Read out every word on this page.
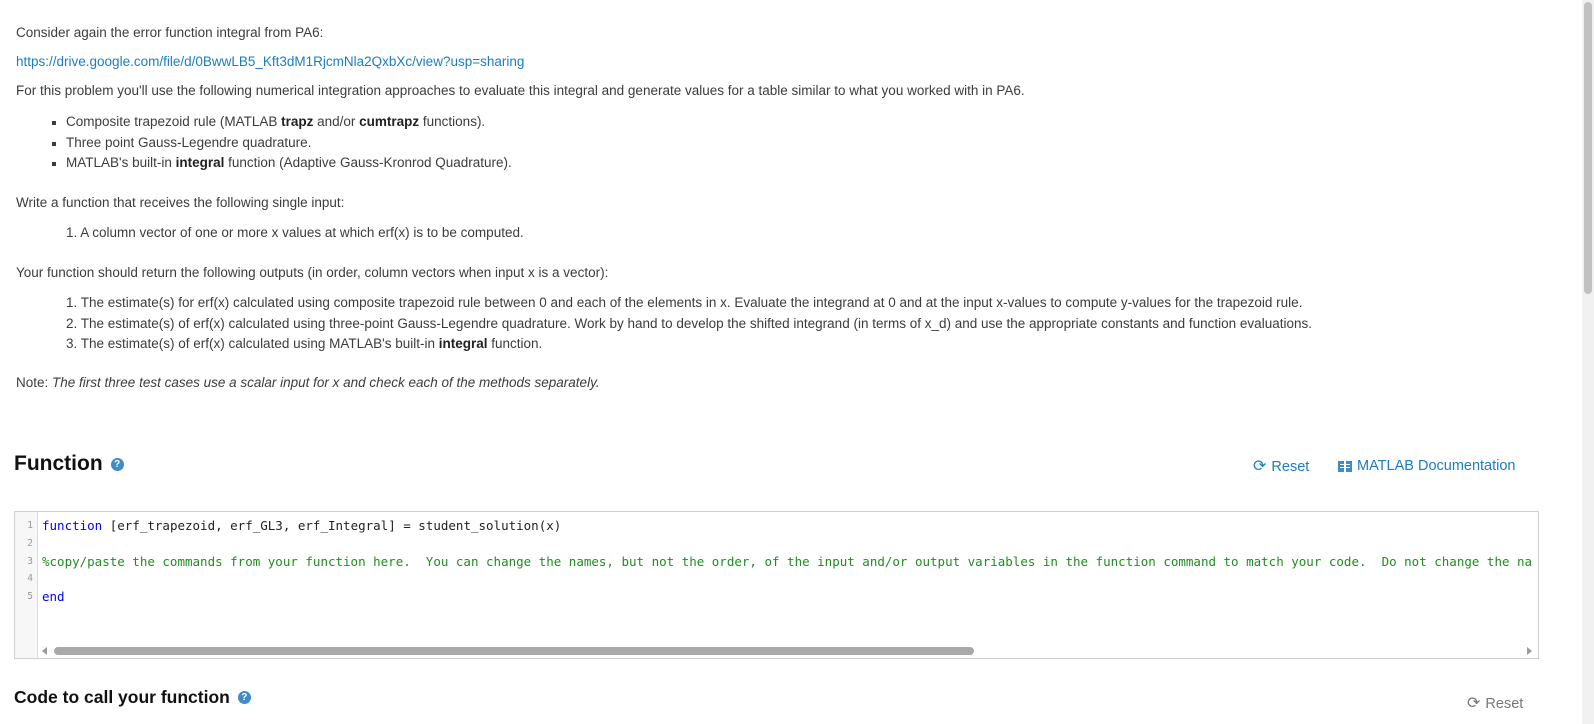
Consider again the error function integral from PA6:

https://drive.google.com/file/d/0BwwLB5_Kft3dM1RjcmNla2QxbXc/view?usp=sharing

For this problem you'll use the following numerical integration approaches to evaluate this integral and generate values for a table similar to what you worked with in PA6.

Composite trapezoid rule (MATLAB trapz and/or cumtrapz functions).
Three point Gauss-Legendre quadrature.
MATLAB's built-in integral function (Adaptive Gauss-Kronrod Quadrature).

Write a function that receives the following single input:

1. A column vector of one or more x values at which erf(x) is to be computed.

Your function should return the following outputs (in order, column vectors when input x is a vector):

1. The estimate(s) for erf(x) calculated using composite trapezoid rule between 0 and each of the elements in x. Evaluate the integrand at 0 and at the input x-values to compute y-values for the trapezoid rule.
2. The estimate(s) of erf(x) calculated using three-point Gauss-Legendre quadrature. Work by hand to develop the shifted integrand (in terms of x_d) and use the appropriate constants and function evaluations.
3. The estimate(s) of erf(x) calculated using MATLAB's built-in integral function.

Note: The first three test cases use a scalar input for x and check each of the methods separately.

Function	?	⟳ Reset	MATLAB Documentation
1
2
3
4
5
function [erf_trapezoid, erf_GL3, erf_Integral] = student_solution(x)
%copy/paste the commands from your function here.  You can change the names, but not the order, of the input and/or output variables in the function command to match your code.  Do not change the na
end
Code to call your function	?	⟳ Reset
